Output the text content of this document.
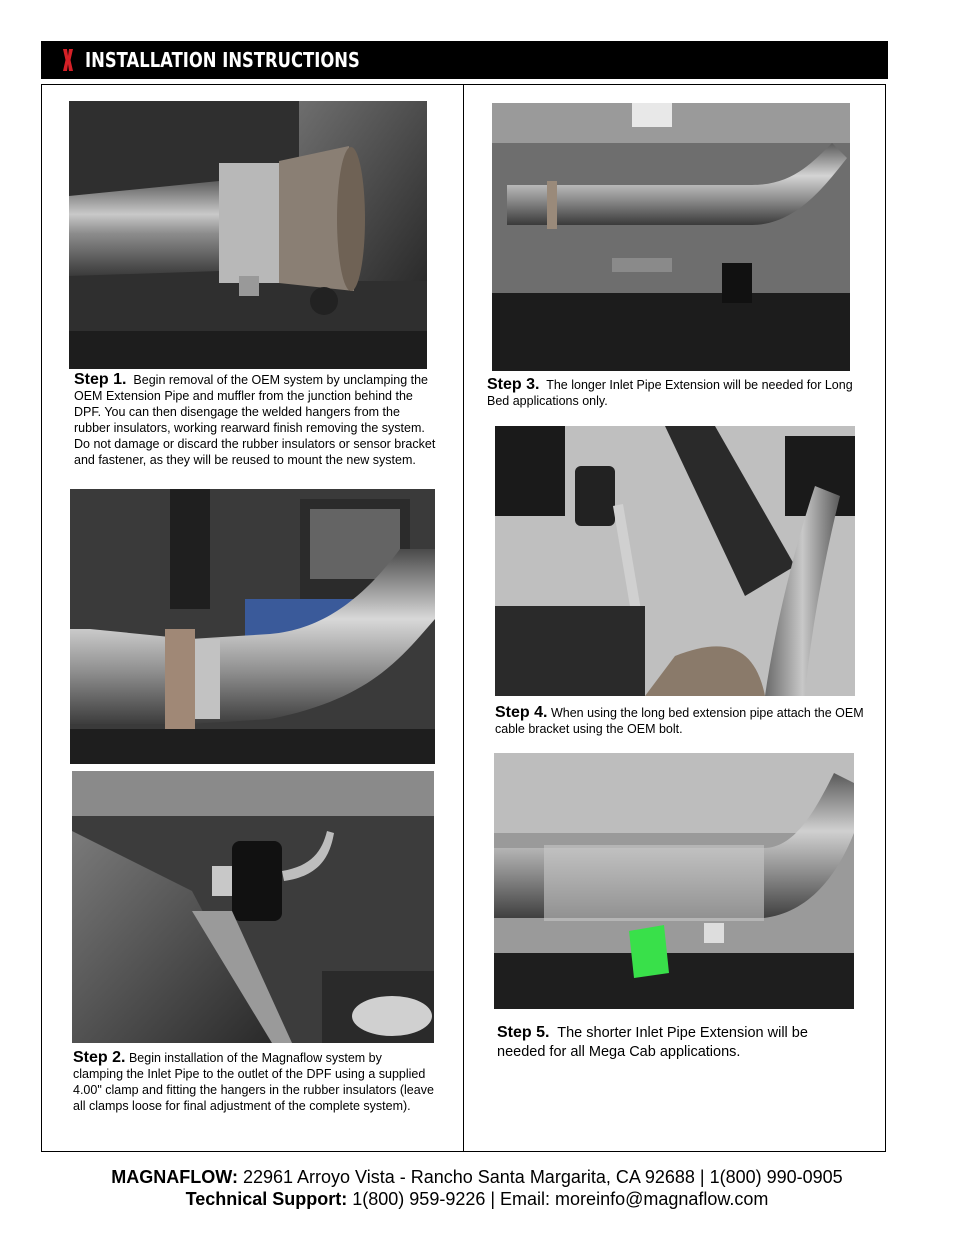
INSTALLATION INSTRUCTIONS
Step 1. Begin removal of the OEM system by unclamping the OEM Extension Pipe and muffler from the junction behind the DPF. You can then disengage the welded hangers from the rubber insulators, working rearward finish removing the system. Do not damage or discard the rubber insulators or sensor bracket and fastener, as they will be reused to mount the new system.
Step 2. Begin installation of the Magnaflow system by clamping the Inlet Pipe to the outlet of the DPF using a supplied 4.00" clamp and fitting the hangers in the rubber insulators (leave all clamps loose for final adjustment of the complete system).
Step 3. The longer Inlet Pipe Extension will be needed for Long Bed applications only.
Step 4. When using the long bed extension pipe attach the OEM cable bracket using the OEM bolt.
Step 5. The shorter Inlet Pipe Extension will be needed for all Mega Cab applications.
MAGNAFLOW: 22961 Arroyo Vista - Rancho Santa Margarita, CA 92688 | 1(800) 990-0905
Technical Support: 1(800) 959-9226 | Email: moreinfo@magnaflow.com
